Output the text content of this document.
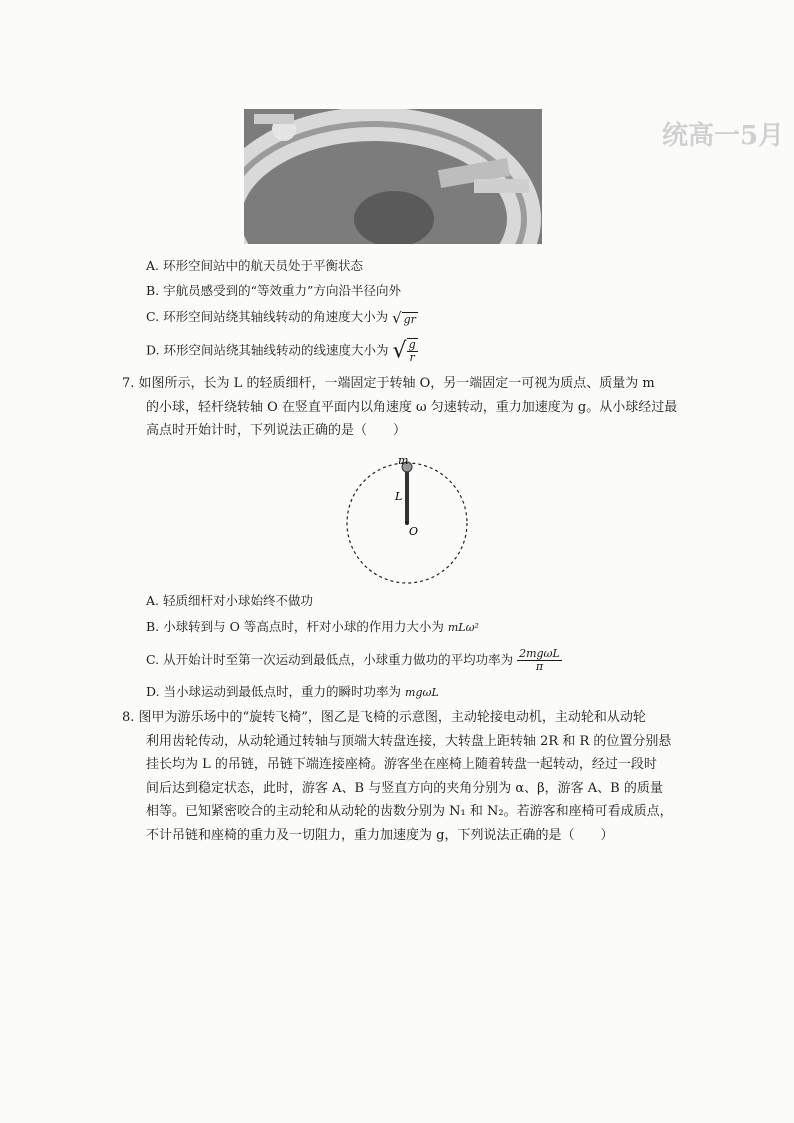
统高一5月
A. 环形空间站中的航天员处于平衡状态
B. 宇航员感受到的“等效重力”方向沿半径向外
C. 环形空间站绕其轴线转动的角速度大小为 √ gr
D. 环形空间站绕其轴线转动的线速度大小为 √ $\frac{g}{r}$
7. 如图所示，长为 L 的轻质细杆，一端固定于转轴 O，另一端固定一可视为质点、质量为 m
的小球，轻杆绕转轴 O 在竖直平面内以角速度 ω 匀速转动，重力加速度为 g。从小球经过最
高点时开始计时，下列说法正确的是（　　）
m
L
O
A. 轻质细杆对小球始终不做功
B. 小球转到与 O 等高点时，杆对小球的作用力大小为 mLω²
C. 从开始计时至第一次运动到最低点，小球重力做功的平均功率为 $\frac{\text{2mgωL}}{\pi}$
D. 当小球运动到最低点时，重力的瞬时功率为 mgωL
8. 图甲为游乐场中的“旋转飞椅”，图乙是飞椅的示意图，主动轮接电动机，主动轮和从动轮
利用齿轮传动，从动轮通过转轴与顶端大转盘连接，大转盘上距转轴 2R 和 R 的位置分别悬
挂长均为 L 的吊链，吊链下端连接座椅。游客坐在座椅上随着转盘一起转动，经过一段时
间后达到稳定状态，此时，游客 A、B 与竖直方向的夹角分别为 α、β，游客 A、B 的质量
相等。已知紧密咬合的主动轮和从动轮的齿数分别为 N₁ 和 N₂。若游客和座椅可看成质点，
不计吊链和座椅的重力及一切阻力，重力加速度为 g，下列说法正确的是（　　）
